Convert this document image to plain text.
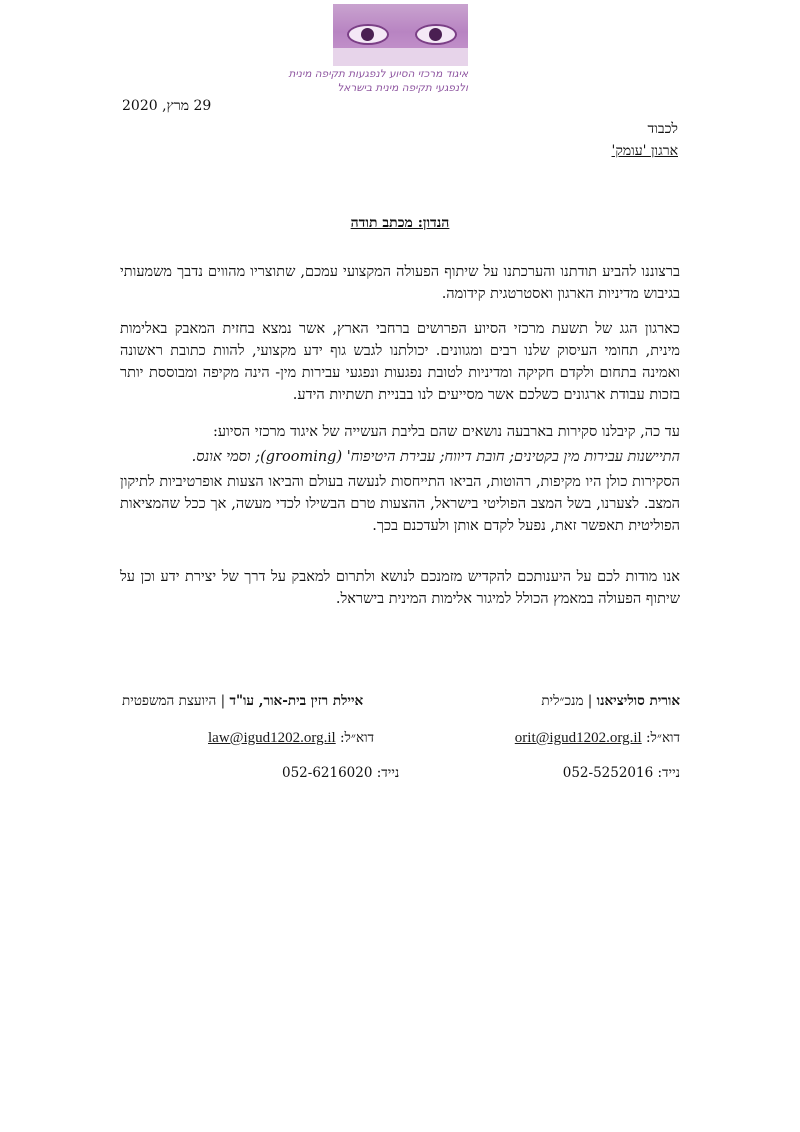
איגוד מרכזי הסיוע לנפגעות תקיפה מינית
ולנפגעי תקיפה מינית בישראל
29 מרץ, 2020
לכבוד
ארגון 'עומק'
הנדון: מכתב תודה

ברצוננו להביע תודתנו והערכתנו על שיתוף הפעולה המקצועי עמכם, שתוצריו מהווים נדבך משמעותי בגיבוש מדיניות הארגון ואסטרטגית קידומה.

כארגון הגג של תשעת מרכזי הסיוע הפרושים ברחבי הארץ, אשר נמצא בחזית המאבק באלימות מינית, תחומי העיסוק שלנו רבים ומגוונים. יכולתנו לגבש גוף ידע מקצועי, להוות כתובת ראשונה ואמינה בתחום ולקדם חקיקה ומדיניות לטובת נפגעות ונפגעי עבירות מין- הינה מקיפה ומבוססת יותר בזכות עבודת ארגונים כשלכם אשר מסייעים לנו בבניית תשתיות הידע.

עד כה, קיבלנו סקירות בארבעה נושאים שהם בליבת העשייה של איגוד מרכזי הסיוע:

התיישנות עבירות מין בקטינים; חובת דיווח; עבירת היטיפוח' (grooming); וסמי אונס.

הסקירות כולן היו מקיפות, רהוטות, הביאו התייחסות לנעשה בעולם והביאו הצעות אופרטיביות לתיקון המצב. לצערנו, בשל המצב הפוליטי בישראל, ההצעות טרם הבשילו לכדי מעשה, אך ככל שהמציאות הפוליטית תאפשר זאת, נפעל לקדם אותן ולעדכנם בכך.

אנו מודות לכם על היענותכם להקדיש מזמנכם לנושא ולתרום למאבק על דרך של יצירת ידע וכן על שיתוף הפעולה במאמץ הכולל למיגור אלימות המינית בישראל.

אורית סוליציאנו | מנכ״לית
דוא״ל: orit@igud1202.org.il
נייד: 052-5252016
איילת רזין בית-אור, עו"ד | היועצת המשפטית
דוא״ל: law@igud1202.org.il
נייד: 052-6216020
